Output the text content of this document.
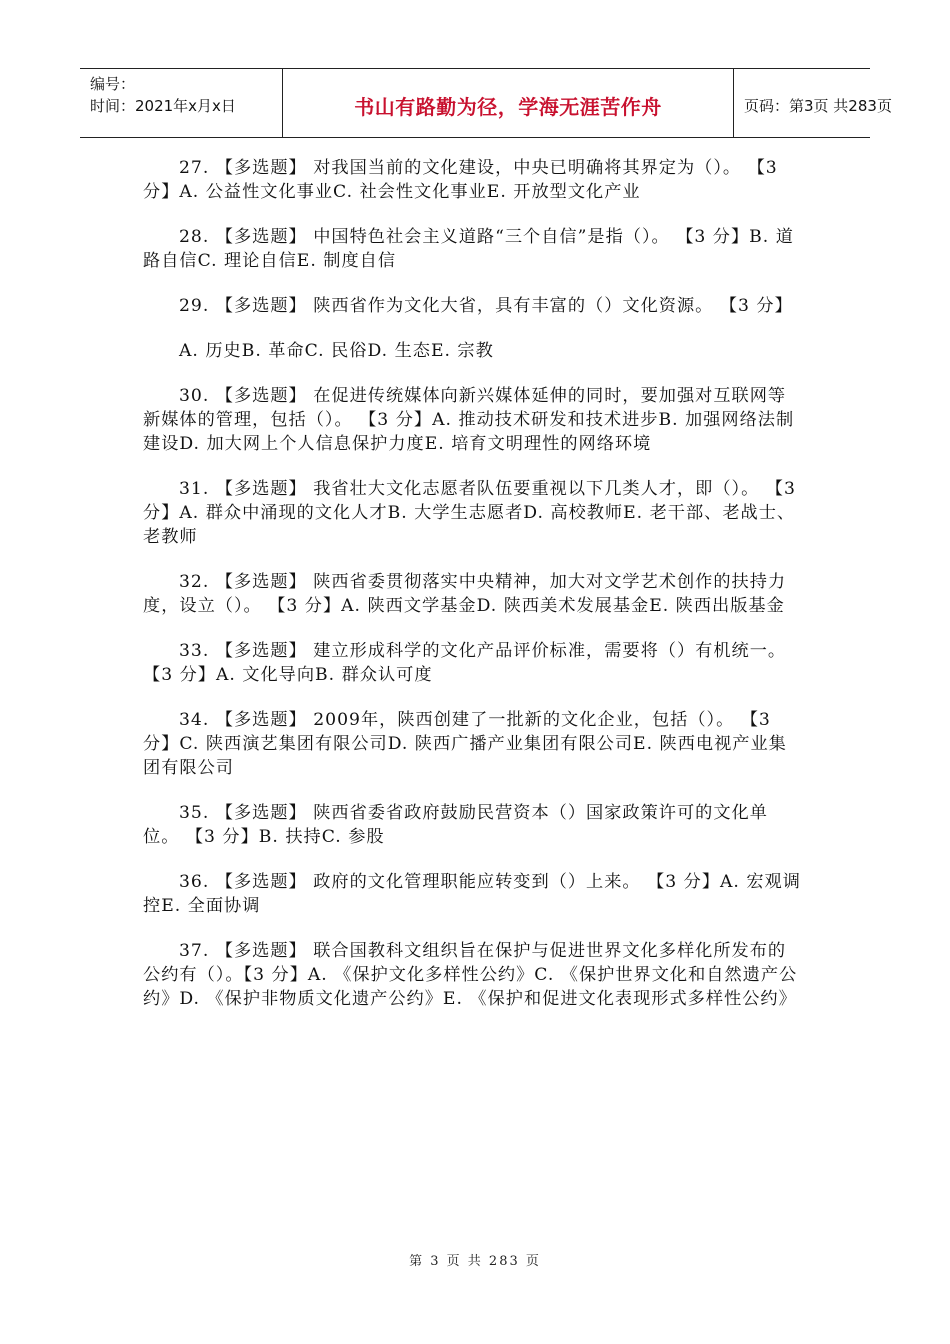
编号：
时间：2021年x月x日	书山有路勤为径，学海无涯苦作舟	页码：第3页 共283页

27. 【多选题】 对我国当前的文化建设，中央已明确将其界定为（）。 【3 分】A. 公益性文化事业C. 社会性文化事业E. 开放型文化产业

28. 【多选题】 中国特色社会主义道路“三个自信”是指（）。 【3 分】B. 道路自信C. 理论自信E. 制度自信

29. 【多选题】 陕西省作为文化大省，具有丰富的（）文化资源。 【3 分】

A. 历史B. 革命C. 民俗D. 生态E. 宗教

30. 【多选题】 在促进传统媒体向新兴媒体延伸的同时，要加强对互联网等新媒体的管理，包括（）。 【3 分】A. 推动技术研发和技术进步B. 加强网络法制建设D. 加大网上个人信息保护力度E. 培育文明理性的网络环境

31. 【多选题】 我省壮大文化志愿者队伍要重视以下几类人才，即（）。 【3 分】A. 群众中涌现的文化人才B. 大学生志愿者D. 高校教师E. 老干部、老战士、老教师

32. 【多选题】 陕西省委贯彻落实中央精神，加大对文学艺术创作的扶持力度，设立（）。 【3 分】A. 陕西文学基金D. 陕西美术发展基金E. 陕西出版基金

33. 【多选题】 建立形成科学的文化产品评价标准，需要将（）有机统一。 【3 分】A. 文化导向B. 群众认可度

34. 【多选题】 2009年，陕西创建了一批新的文化企业，包括（）。 【3 分】C. 陕西演艺集团有限公司D. 陕西广播产业集团有限公司E. 陕西电视产业集团有限公司

35. 【多选题】 陕西省委省政府鼓励民营资本（）国家政策许可的文化单位。 【3 分】B. 扶持C. 参股

36. 【多选题】 政府的文化管理职能应转变到（）上来。 【3 分】A. 宏观调控E. 全面协调

37. 【多选题】 联合国教科文组织旨在保护与促进世界文化多样化所发布的公约有（）。【3 分】A. 《保护文化多样性公约》C. 《保护世界文化和自然遗产公约》D. 《保护非物质文化遗产公约》E. 《保护和促进文化表现形式多样性公约》

第 3 页 共 283 页
